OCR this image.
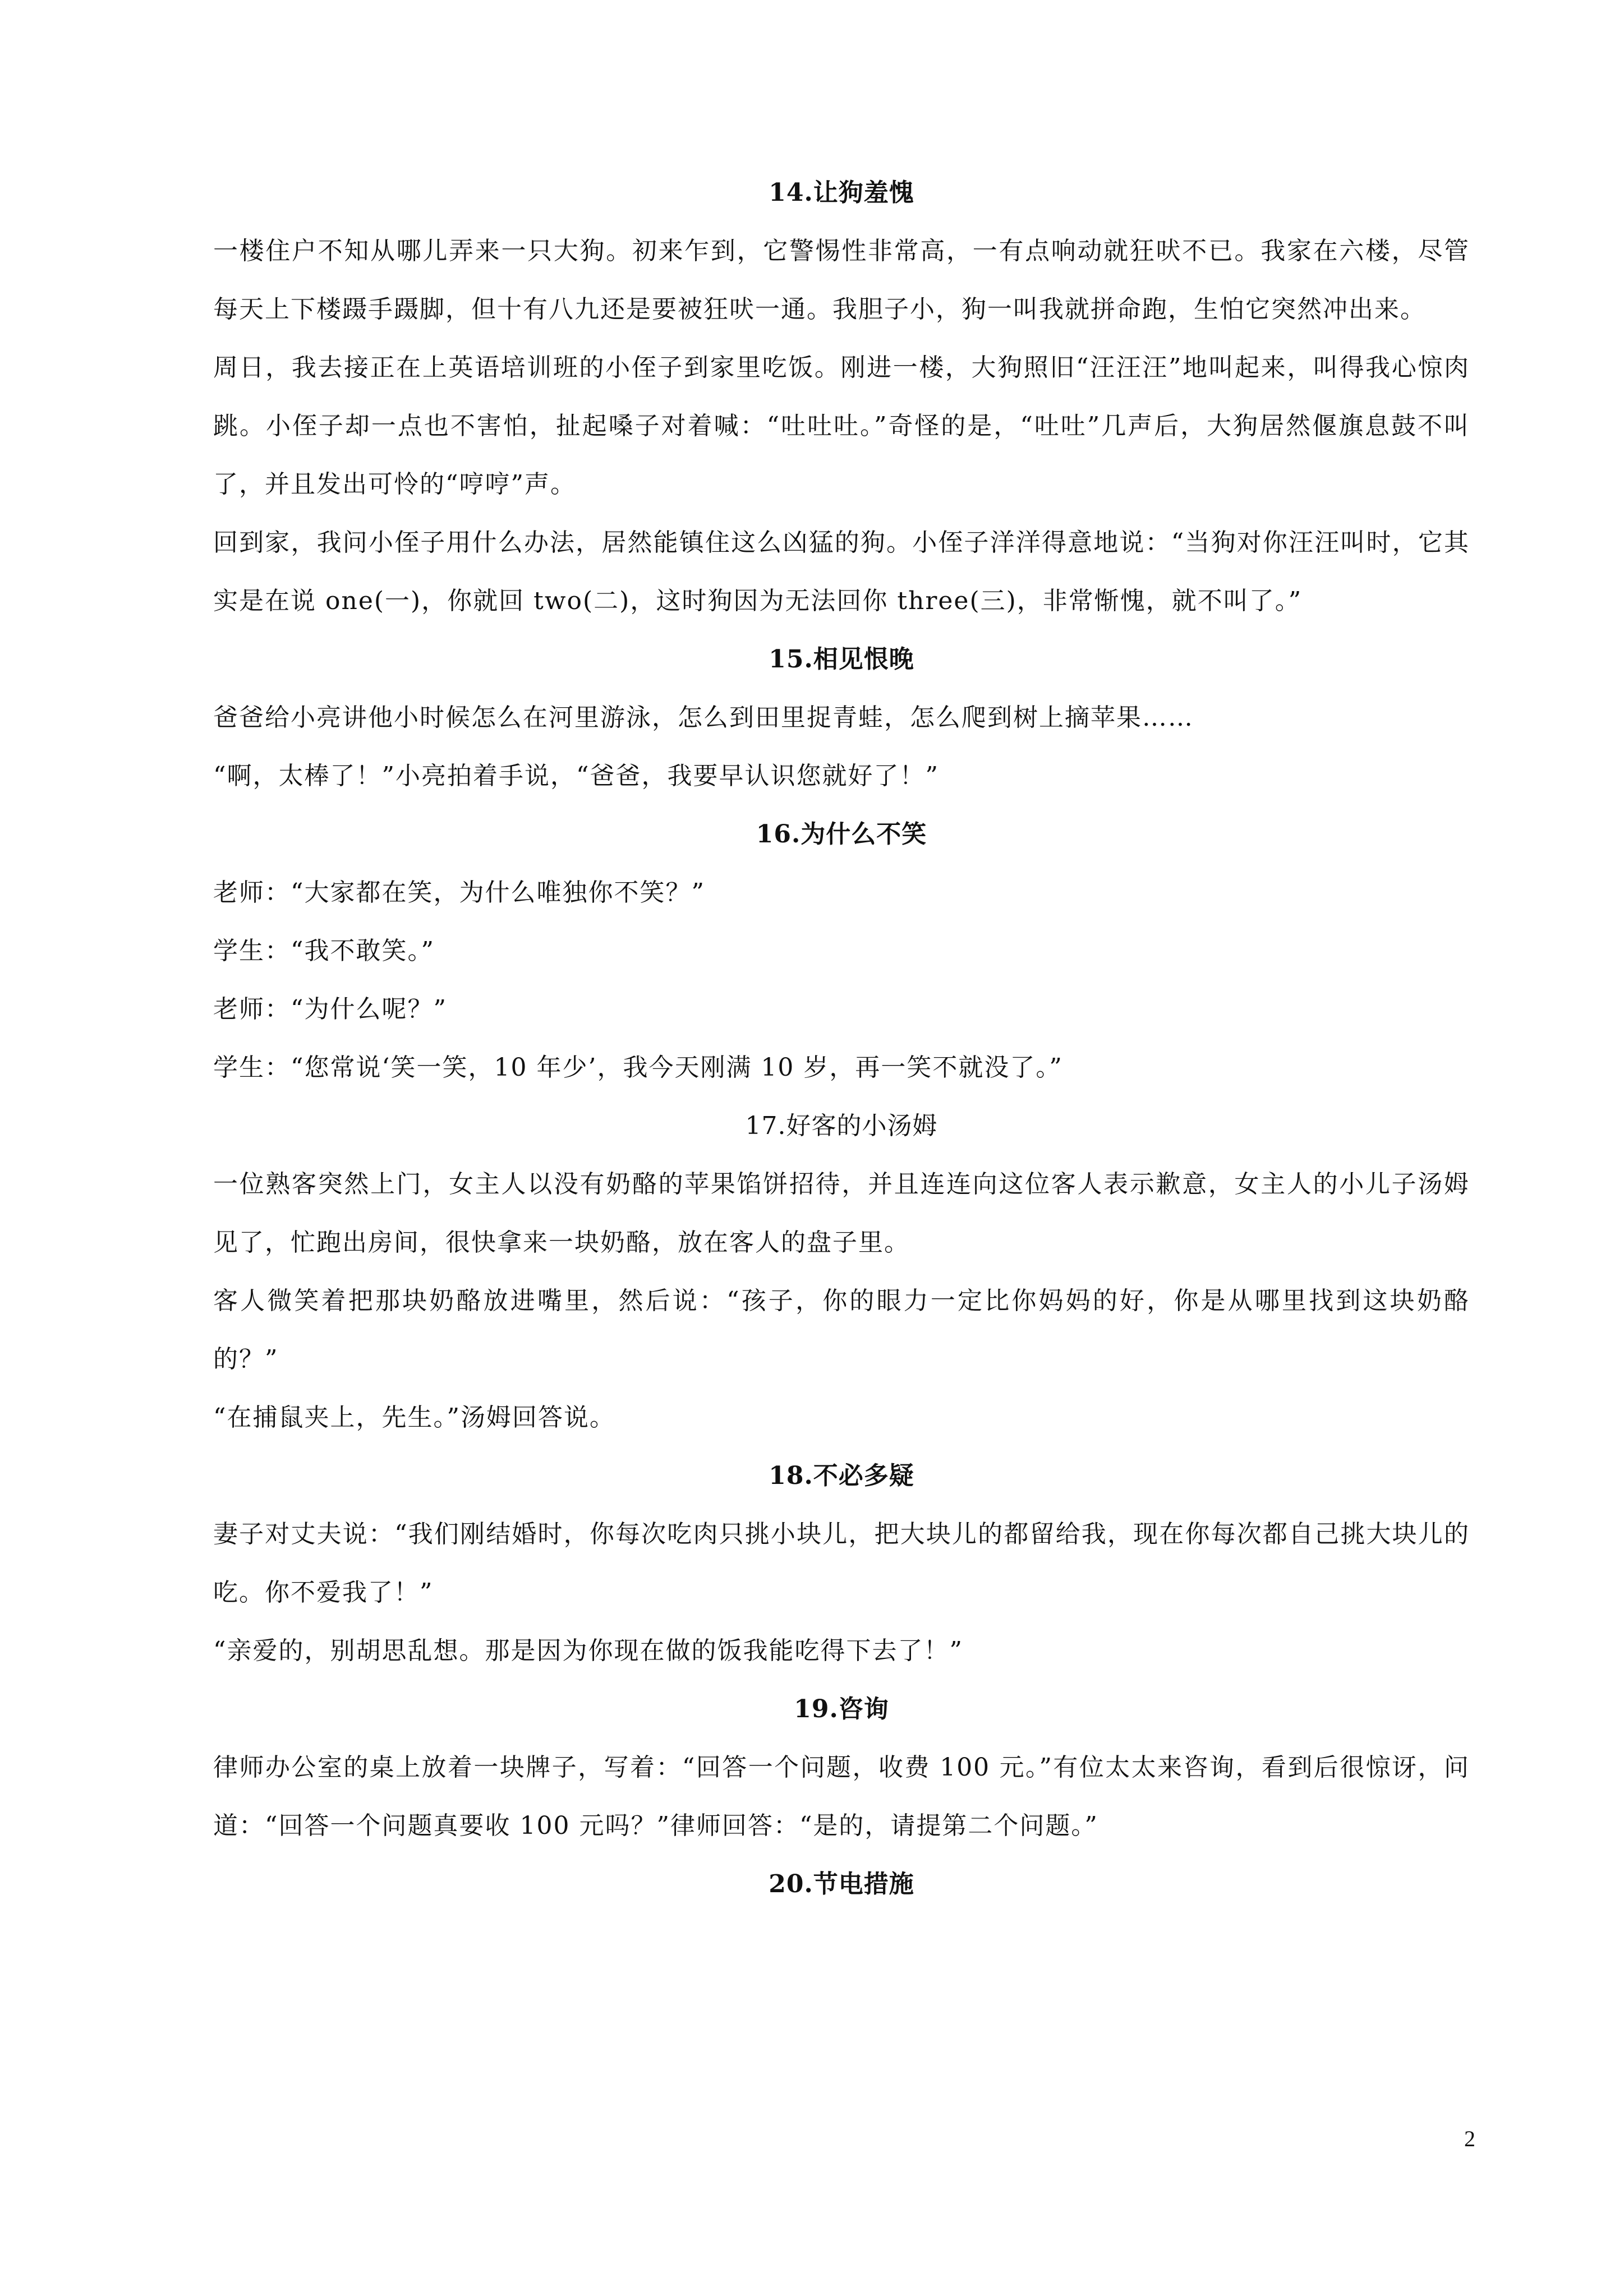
14.让狗羞愧

一楼住户不知从哪儿弄来一只大狗。初来乍到，它警惕性非常高，一有点响动就狂吠不已。我家在六楼，尽管每天上下楼蹑手蹑脚，但十有八九还是要被狂吠一通。我胆子小，狗一叫我就拼命跑，生怕它突然冲出来。

周日，我去接正在上英语培训班的小侄子到家里吃饭。刚进一楼，大狗照旧“汪汪汪”地叫起来，叫得我心惊肉跳。小侄子却一点也不害怕，扯起嗓子对着喊：“吐吐吐。”奇怪的是，“吐吐”几声后，大狗居然偃旗息鼓不叫了，并且发出可怜的“哼哼”声。

回到家，我问小侄子用什么办法，居然能镇住这么凶猛的狗。小侄子洋洋得意地说：“当狗对你汪汪叫时，它其实是在说 one(一)，你就回 two(二)，这时狗因为无法回你 three(三)，非常惭愧，就不叫了。”

15.相见恨晚

爸爸给小亮讲他小时候怎么在河里游泳，怎么到田里捉青蛙，怎么爬到树上摘苹果……

“啊，太棒了！”小亮拍着手说，“爸爸，我要早认识您就好了！”

16.为什么不笑

老师：“大家都在笑，为什么唯独你不笑？”

学生：“我不敢笑。”

老师：“为什么呢？”

学生：“您常说‘笑一笑，10 年少’，我今天刚满 10 岁，再一笑不就没了。”

17.好客的小汤姆

一位熟客突然上门，女主人以没有奶酪的苹果馅饼招待，并且连连向这位客人表示歉意，女主人的小儿子汤姆见了，忙跑出房间，很快拿来一块奶酪，放在客人的盘子里。

客人微笑着把那块奶酪放进嘴里，然后说：“孩子，你的眼力一定比你妈妈的好，你是从哪里找到这块奶酪的？”

“在捕鼠夹上，先生。”汤姆回答说。

18.不必多疑

妻子对丈夫说：“我们刚结婚时，你每次吃肉只挑小块儿，把大块儿的都留给我，现在你每次都自己挑大块儿的吃。你不爱我了！”

“亲爱的，别胡思乱想。那是因为你现在做的饭我能吃得下去了！”

19.咨询

律师办公室的桌上放着一块牌子，写着：“回答一个问题，收费 100 元。”有位太太来咨询，看到后很惊讶，问道：“回答一个问题真要收 100 元吗？”律师回答：“是的，请提第二个问题。”

20.节电措施
2
